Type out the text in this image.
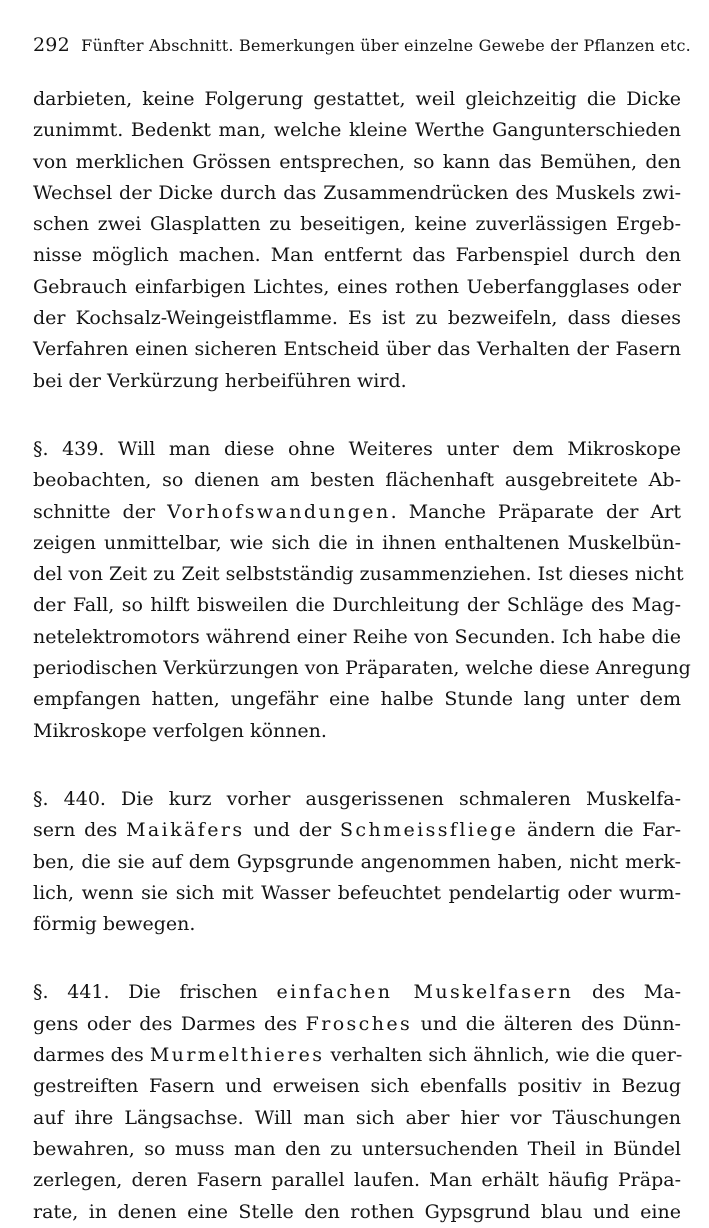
292 Fünfter Abschnitt. Bemerkungen über einzelne Gewebe der Pflanzen etc.
darbieten, keine Folgerung gestattet, weil gleichzeitig die Dicke
zunimmt. Bedenkt man, welche kleine Werthe Gangunterschieden
von merklichen Grössen entsprechen, so kann das Bemühen, den
Wechsel der Dicke durch das Zusammendrücken des Muskels zwi-
schen zwei Glasplatten zu beseitigen, keine zuverlässigen Ergeb-
nisse möglich machen. Man entfernt das Farbenspiel durch den
Gebrauch einfarbigen Lichtes, eines rothen Ueberfangglases oder
der Kochsalz-Weingeistflamme. Es ist zu bezweifeln, dass dieses
Verfahren einen sicheren Entscheid über das Verhalten der Fasern
bei der Verkürzung herbeiführen wird.
§. 439. Will man diese ohne Weiteres unter dem Mikroskope
beobachten, so dienen am besten flächenhaft ausgebreitete Ab-
schnitte der Vorhofswandungen. Manche Präparate der Art
zeigen unmittelbar, wie sich die in ihnen enthaltenen Muskelbün-
del von Zeit zu Zeit selbstständig zusammenziehen. Ist dieses nicht
der Fall, so hilft bisweilen die Durchleitung der Schläge des Mag-
netelektromotors während einer Reihe von Secunden. Ich habe die
periodischen Verkürzungen von Präparaten, welche diese Anregung
empfangen hatten, ungefähr eine halbe Stunde lang unter dem
Mikroskope verfolgen können.
§. 440. Die kurz vorher ausgerissenen schmaleren Muskelfa-
sern des Maikäfers und der Schmeissfliege ändern die Far-
ben, die sie auf dem Gypsgrunde angenommen haben, nicht merk-
lich, wenn sie sich mit Wasser befeuchtet pendelartig oder wurm-
förmig bewegen.
§. 441. Die frischen einfachen Muskelfasern des Ma-
gens oder des Darmes des Frosches und die älteren des Dünn-
darmes des Murmelthieres verhalten sich ähnlich, wie die quer-
gestreiften Fasern und erweisen sich ebenfalls positiv in Bezug
auf ihre Längsachse. Will man sich aber hier vor Täuschungen
bewahren, so muss man den zu untersuchenden Theil in Bündel
zerlegen, deren Fasern parallel laufen. Man erhält häufig Präpa-
rate, in denen eine Stelle den rothen Gypsgrund blau und eine
